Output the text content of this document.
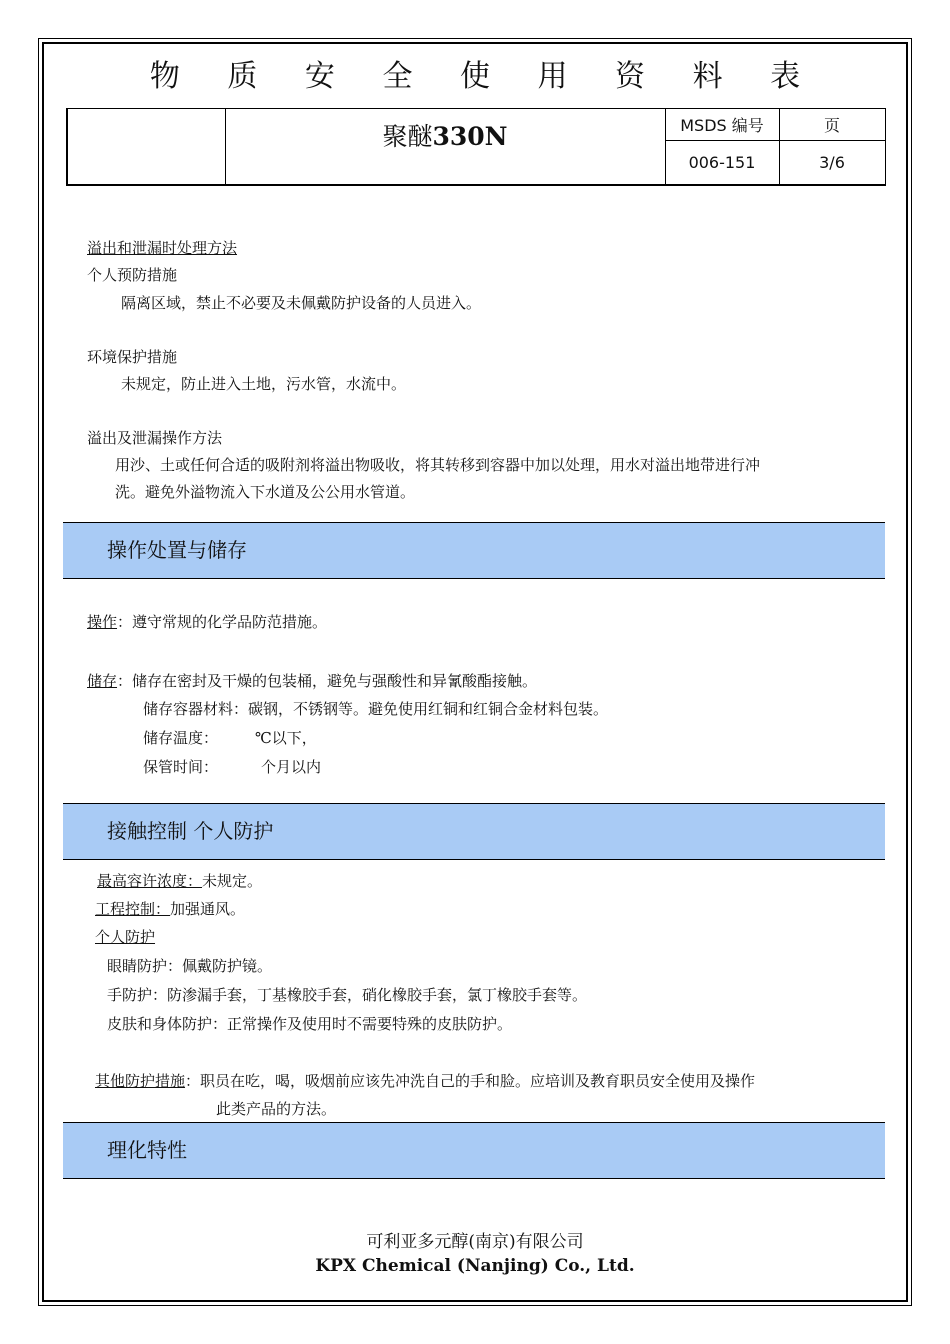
物 质 安 全 使 用 资 料 表
	聚醚330N	MSDS 编号	页
		006-151	3/6
溢出和泄漏时处理方法
个人预防措施
隔离区域，禁止不必要及未佩戴防护设备的人员进入。
环境保护措施
未规定，防止进入土地，污水管，水流中。
溢出及泄漏操作方法
用沙、土或任何合适的吸附剂将溢出物吸收，将其转移到容器中加以处理，用水对溢出地带进行冲
洗。避免外溢物流入下水道及公公用水管道。
操作处置与储存
操作：遵守常规的化学品防范措施。
储存：储存在密封及干燥的包装桶，避免与强酸性和异氰酸酯接触。
储存容器材料：碳钢，不锈钢等。避免使用红铜和红铜合金材料包装。
储存温度： ℃以下，
保管时间：	个月以内
接触控制 个人防护
最高容许浓度：未规定。
工程控制：加强通风。
个人防护
眼睛防护：佩戴防护镜。
手防护：防渗漏手套，丁基橡胶手套，硝化橡胶手套，氯丁橡胶手套等。
皮肤和身体防护：正常操作及使用时不需要特殊的皮肤防护。
其他防护措施：职员在吃，喝，吸烟前应该先冲洗自己的手和脸。应培训及教育职员安全使用及操作
此类产品的方法。
理化特性
可利亚多元醇(南京)有限公司
KPX Chemical (Nanjing) Co., Ltd.
